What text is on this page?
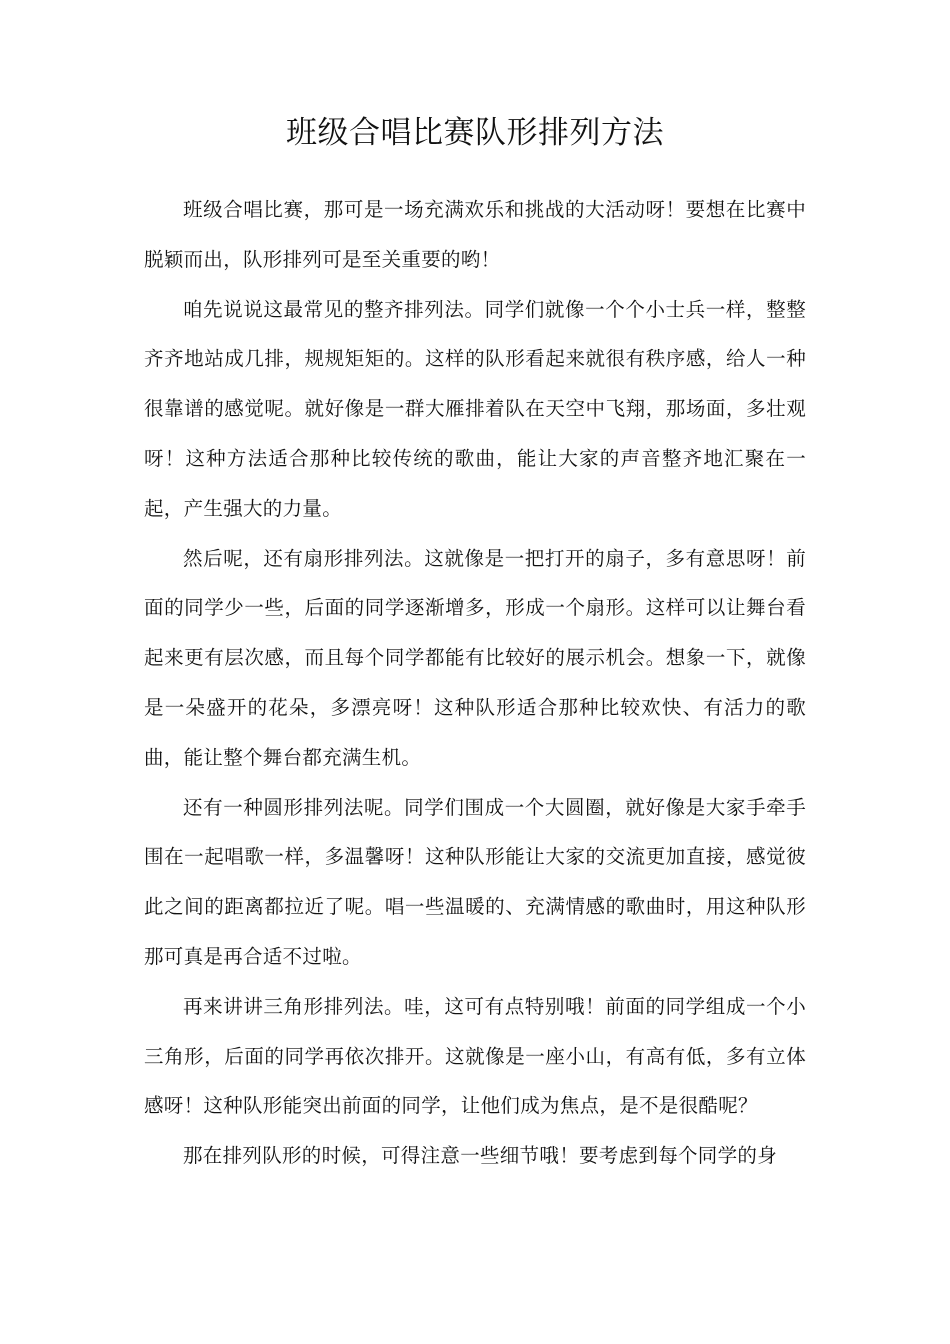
班级合唱比赛队形排列方法

班级合唱比赛，那可是一场充满欢乐和挑战的大活动呀！要想在比赛中脱颖而出，队形排列可是至关重要的哟！

咱先说说这最常见的整齐排列法。同学们就像一个个小士兵一样，整整齐齐地站成几排，规规矩矩的。这样的队形看起来就很有秩序感，给人一种很靠谱的感觉呢。就好像是一群大雁排着队在天空中飞翔，那场面，多壮观呀！这种方法适合那种比较传统的歌曲，能让大家的声音整齐地汇聚在一起，产生强大的力量。

然后呢，还有扇形排列法。这就像是一把打开的扇子，多有意思呀！前面的同学少一些，后面的同学逐渐增多，形成一个扇形。这样可以让舞台看起来更有层次感，而且每个同学都能有比较好的展示机会。想象一下，就像是一朵盛开的花朵，多漂亮呀！这种队形适合那种比较欢快、有活力的歌曲，能让整个舞台都充满生机。

还有一种圆形排列法呢。同学们围成一个大圆圈，就好像是大家手牵手围在一起唱歌一样，多温馨呀！这种队形能让大家的交流更加直接，感觉彼此之间的距离都拉近了呢。唱一些温暖的、充满情感的歌曲时，用这种队形那可真是再合适不过啦。

再来讲讲三角形排列法。哇，这可有点特别哦！前面的同学组成一个小三角形，后面的同学再依次排开。这就像是一座小山，有高有低，多有立体感呀！这种队形能突出前面的同学，让他们成为焦点，是不是很酷呢？

那在排列队形的时候，可得注意一些细节哦！要考虑到每个同学的身
